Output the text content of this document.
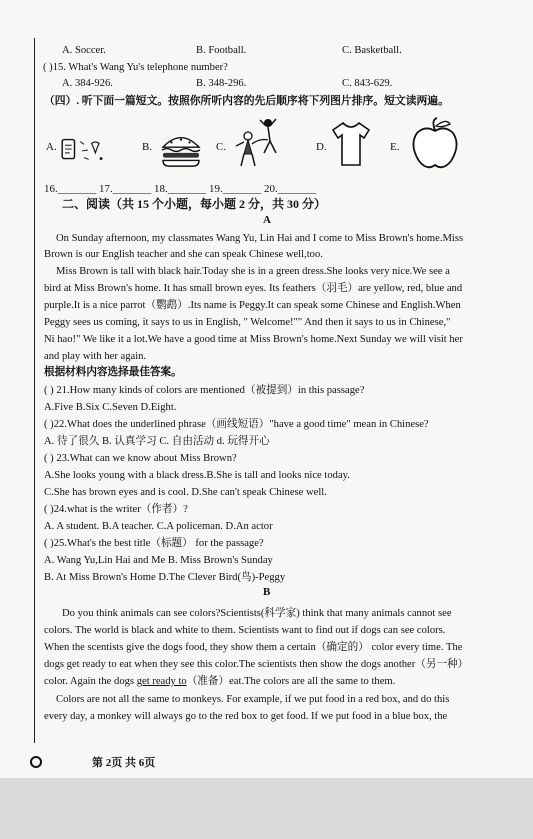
A. Soccer.	B. Football.	C. Basketball.
( )15. What's Wang Yu's telephone number?
A. 384-926.	B. 348-296.	C. 843-629.
（四）. 听下面一篇短文。按照你所听内容的先后顺序将下列图片排序。短文读两遍。
A.	B.	C.	D.	E.
16._______ 17._______ 18._______ 19._______ 20._______
二、阅读（共 15 个小题，每小题 2 分，共 30 分）
A
On Sunday afternoon, my classmates Wang Yu, Lin Hai and I come to Miss Brown's home.Miss
Brown is our English teacher and she can speak Chinese well,too.
Miss Brown is tall with black hair.Today she is in a green dress.She looks very nice.We see a
bird at Miss Brown's home. It has small brown eyes. Its feathers（羽毛）are yellow, red, blue and
purple.It is a nice parrot（鹦鹉）.Its name is Peggy.It can speak some Chinese and English.When
Peggy sees us coming, it says to us in English, " Welcome!"" And then it says to us in Chinese,"
Ni hao!" We like it a lot.We have a good time at Miss Brown's home.Next Sunday we will visit her
and play with her again.
根据材料内容选择最佳答案。
( ) 21.How many kinds of colors are mentioned（被提到）in this passage?
A.Five B.Six C.Seven D.Eight.
( )22.What does the underlined phrase（画线短语）"have a good time" mean in Chinese?
A. 待了很久 B. 认真学习 C. 自由活动 d. 玩得开心
( ) 23.What can we know about Miss Brown?
A.She looks young with a black dress.B.She is tall and looks nice today.
C.She has brown eyes and is cool. D.She can't speak Chinese well.
( )24.what is the writer（作者）?
A. A student. B.A teacher. C.A policeman. D.An actor
( )25.What's the best title（标题） for the passage?
A. Wang Yu,Lin Hai and Me B. Miss Brown's Sunday
B. At Miss Brown's Home D.The Clever Bird(鸟)-Peggy
B
Do you think animals can see colors?Scientists(科学家) think that many animals cannot see
colors. The world is black and white to them. Scientists want to find out if dogs can see colors.
When the scentists give the dogs food, they show them a certain（确定的） color every time. The
dogs get ready to eat when they see this color.The scientists then show the dogs another（另一种）
color. Again the dogs get ready to（准备）eat.The colors are all the same to them.
Colors are not all the same to monkeys. For example, if we put food in a red box, and do this
every day, a monkey will always go to the red box to get food. If we put food in a blue box, the
第 2页 共 6页
